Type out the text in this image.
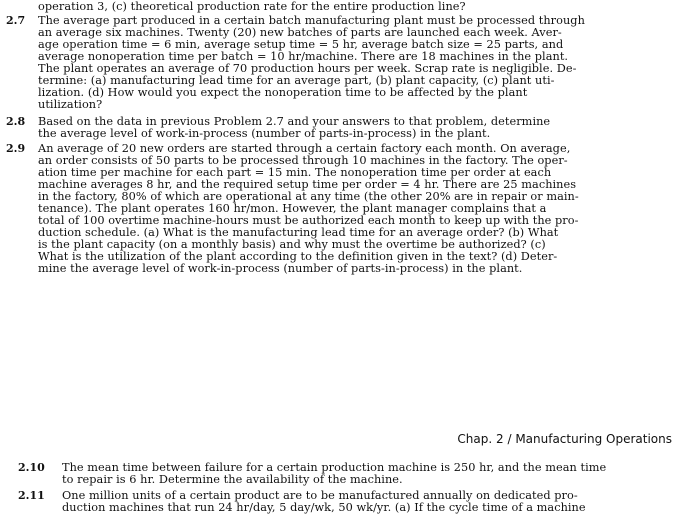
operation 3, (c) theoretical production rate for the entire production line?
2.7 The average part produced in a certain batch manufacturing plant must be processed through
an average six machines. Twenty (20) new batches of parts are launched each week. Aver-
age operation time = 6 min, average setup time = 5 hr, average batch size = 25 parts, and
average nonoperation time per batch = 10 hr/machine. There are 18 machines in the plant.
The plant operates an average of 70 production hours per week. Scrap rate is negligible. De-
termine: (a) manufacturing lead time for an average part, (b) plant capacity, (c) plant uti-
lization. (d) How would you expect the nonoperation time to be affected by the plant
utilization?
2.8 Based on the data in previous Problem 2.7 and your answers to that problem, determine
the average level of work-in-process (number of parts-in-process) in the plant.
2.9 An average of 20 new orders are started through a certain factory each month. On average,
an order consists of 50 parts to be processed through 10 machines in the factory. The oper-
ation time per machine for each part = 15 min. The nonoperation time per order at each
machine averages 8 hr, and the required setup time per order = 4 hr. There are 25 machines
in the factory, 80% of which are operational at any time (the other 20% are in repair or main-
tenance). The plant operates 160 hr/mon. However, the plant manager complains that a
total of 100 overtime machine-hours must be authorized each month to keep up with the pro-
duction schedule. (a) What is the manufacturing lead time for an average order? (b) What
is the plant capacity (on a monthly basis) and why must the overtime be authorized? (c)
What is the utilization of the plant according to the definition given in the text? (d) Deter-
mine the average level of work-in-process (number of parts-in-process) in the plant.
Chap. 2 / Manufacturing Operations
2.10 The mean time between failure for a certain production machine is 250 hr, and the mean time
to repair is 6 hr. Determine the availability of the machine.
2.11 One million units of a certain product are to be manufactured annually on dedicated pro-
duction machines that run 24 hr/day, 5 day/wk, 50 wk/yr. (a) If the cycle time of a machine
